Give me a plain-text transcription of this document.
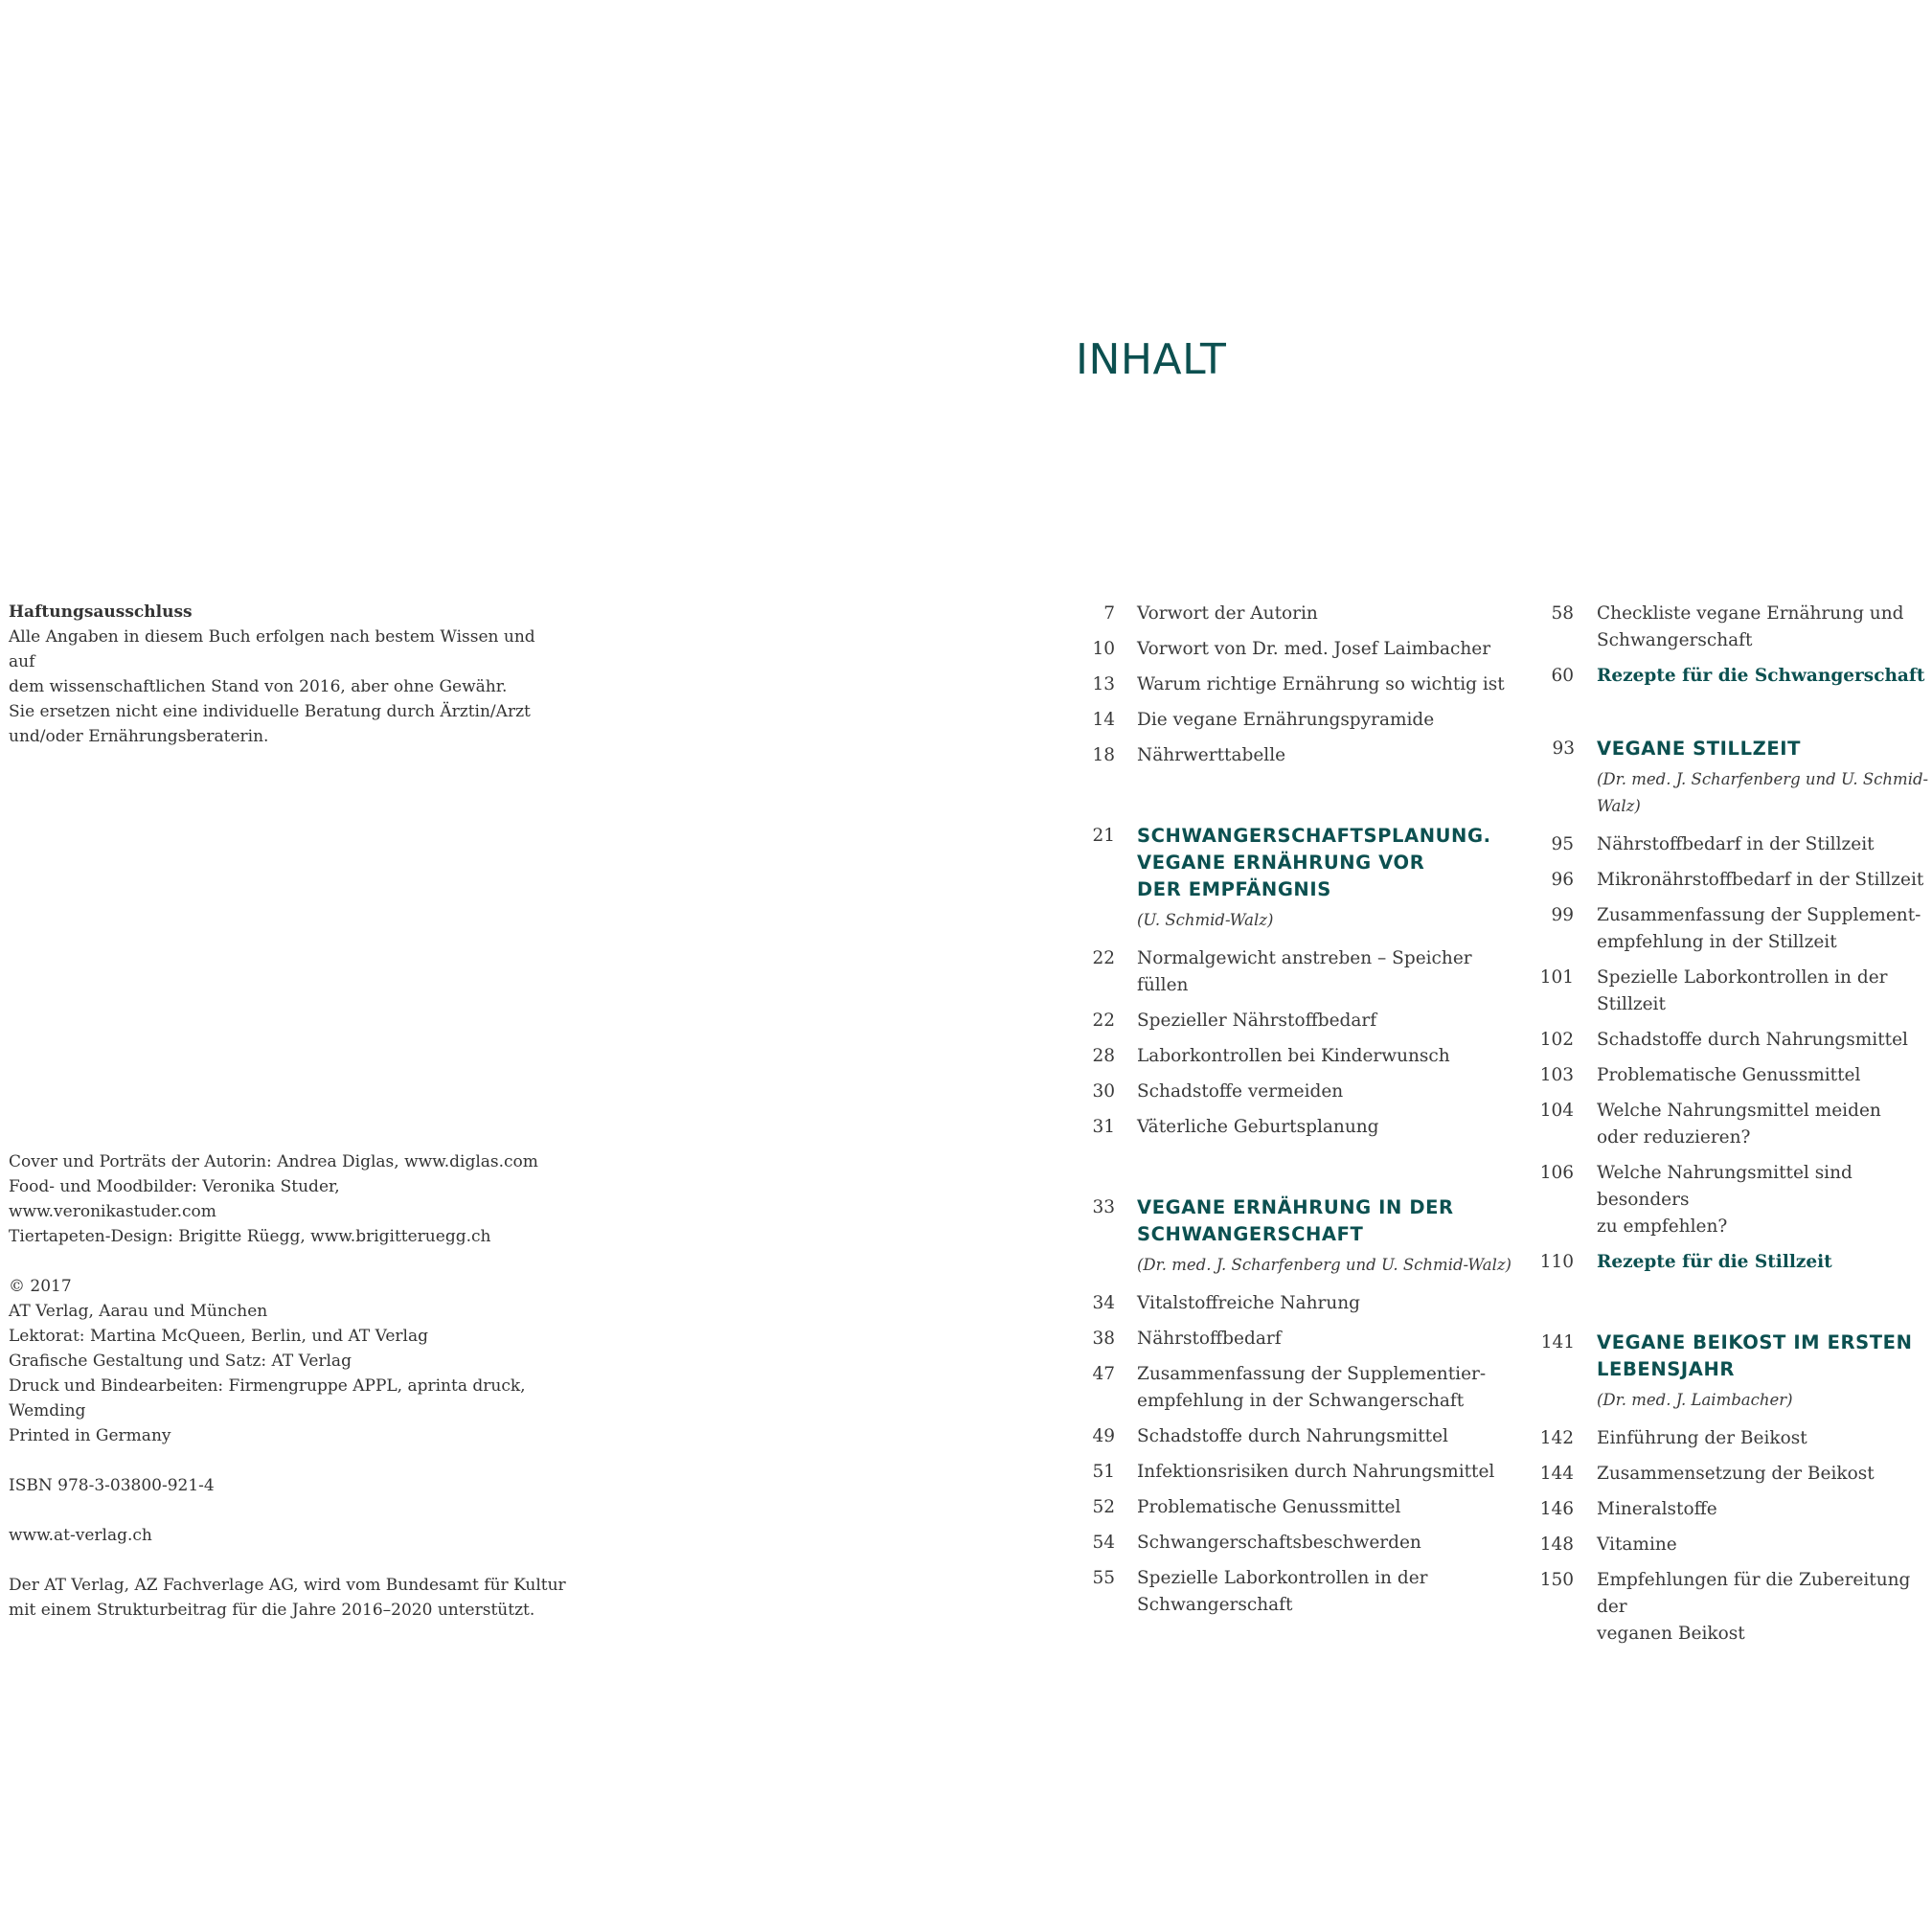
Haftungsausschluss

Alle Angaben in diesem Buch erfolgen nach bestem Wissen und auf

dem wissenschaftlichen Stand von 2016, aber ohne Gewähr.

Sie ersetzen nicht eine individuelle Beratung durch Ärztin/Arzt

und/oder Ernährungsberaterin.

Cover und Porträts der Autorin: Andrea Diglas, www.diglas.com

Food- und Moodbilder: Veronika Studer, www.veronikastuder.com

Tiertapeten-Design: Brigitte Rüegg, www.brigitteruegg.ch

© 2017

AT Verlag, Aarau und München

Lektorat: Martina McQueen, Berlin, und AT Verlag

Grafische Gestaltung und Satz: AT Verlag

Druck und Bindearbeiten: Firmengruppe APPL, aprinta druck, Wemding

Printed in Germany

ISBN 978-3-03800-921-4

www.at-verlag.ch

Der AT Verlag, AZ Fachverlage AG, wird vom Bundesamt für Kultur

mit einem Strukturbeitrag für die Jahre 2016–2020 unterstützt.

INHALT
7 Vorwort der Autorin
10 Vorwort von Dr. med. Josef Laimbacher
13 Warum richtige Ernährung so wichtig ist
14 Die vegane Ernährungspyramide
18 Nährwerttabelle
21 SCHWANGERSCHAFTSPLANUNG.
VEGANE ERNÄHRUNG VOR
DER EMPFÄNGNIS
(U. Schmid-Walz)
22 Normalgewicht anstreben – Speicher füllen
22 Spezieller Nährstoffbedarf
28 Laborkontrollen bei Kinderwunsch
30 Schadstoffe vermeiden
31 Väterliche Geburtsplanung
33 VEGANE ERNÄHRUNG IN DER
SCHWANGERSCHAFT
(Dr. med. J. Scharfenberg und U. Schmid-Walz)
34 Vitalstoffreiche Nahrung
38 Nährstoffbedarf
47 Zusammenfassung der Supplementier-
empfehlung in der Schwangerschaft
49 Schadstoffe durch Nahrungsmittel
51 Infektionsrisiken durch Nahrungsmittel
52 Problematische Genussmittel
54 Schwangerschaftsbeschwerden
55 Spezielle Laborkontrollen in der
Schwangerschaft
58 Checkliste vegane Ernährung und
Schwangerschaft
60 Rezepte für die Schwangerschaft
93 VEGANE STILLZEIT
(Dr. med. J. Scharfenberg und U. Schmid-Walz)
95 Nährstoffbedarf in der Stillzeit
96 Mikronährstoffbedarf in der Stillzeit
99 Zusammenfassung der Supplement-
empfehlung in der Stillzeit
101 Spezielle Laborkontrollen in der Stillzeit
102 Schadstoffe durch Nahrungsmittel
103 Problematische Genussmittel
104 Welche Nahrungsmittel meiden
oder reduzieren?
106 Welche Nahrungsmittel sind besonders
zu empfehlen?
110 Rezepte für die Stillzeit
141 VEGANE BEIKOST IM ERSTEN
LEBENSJAHR
(Dr. med. J. Laimbacher)
142 Einführung der Beikost
144 Zusammensetzung der Beikost
146 Mineralstoffe
148 Vitamine
150 Empfehlungen für die Zubereitung der
veganen Beikost
